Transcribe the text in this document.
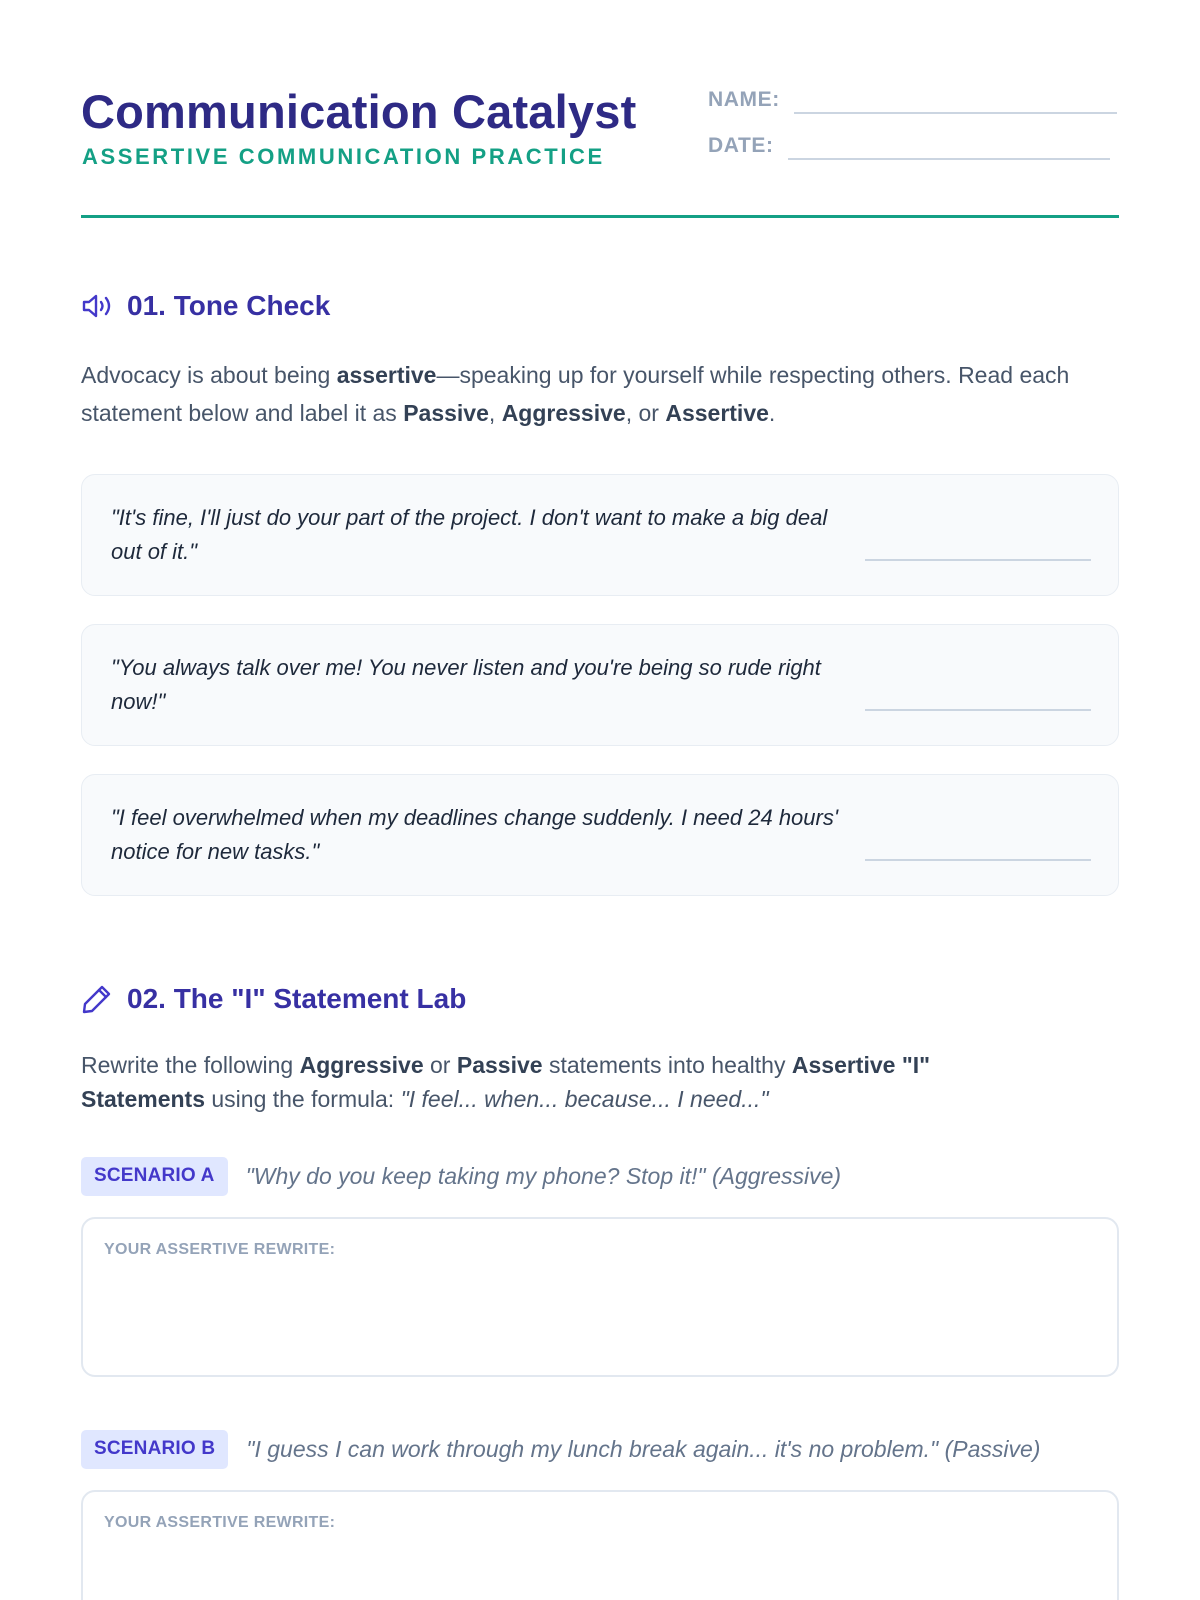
Communication Catalyst
ASSERTIVE COMMUNICATION PRACTICE
NAME:
DATE:
01. Tone Check

Advocacy is about being assertive—speaking up for yourself while respecting others. Read each statement below and label it as Passive, Aggressive, or Assertive.

"It's fine, I'll just do your part of the project. I don't want to make a big deal out of it."
"You always talk over me! You never listen and you're being so rude right now!"
"I feel overwhelmed when my deadlines change suddenly. I need 24 hours' notice for new tasks."
02. The "I" Statement Lab

Rewrite the following Aggressive or Passive statements into healthy Assertive "I" Statements using the formula: "I feel... when... because... I need..."

SCENARIO A	"Why do you keep taking my phone? Stop it!" (Aggressive)
YOUR ASSERTIVE REWRITE:
SCENARIO B	"I guess I can work through my lunch break again... it's no problem." (Passive)
YOUR ASSERTIVE REWRITE:
